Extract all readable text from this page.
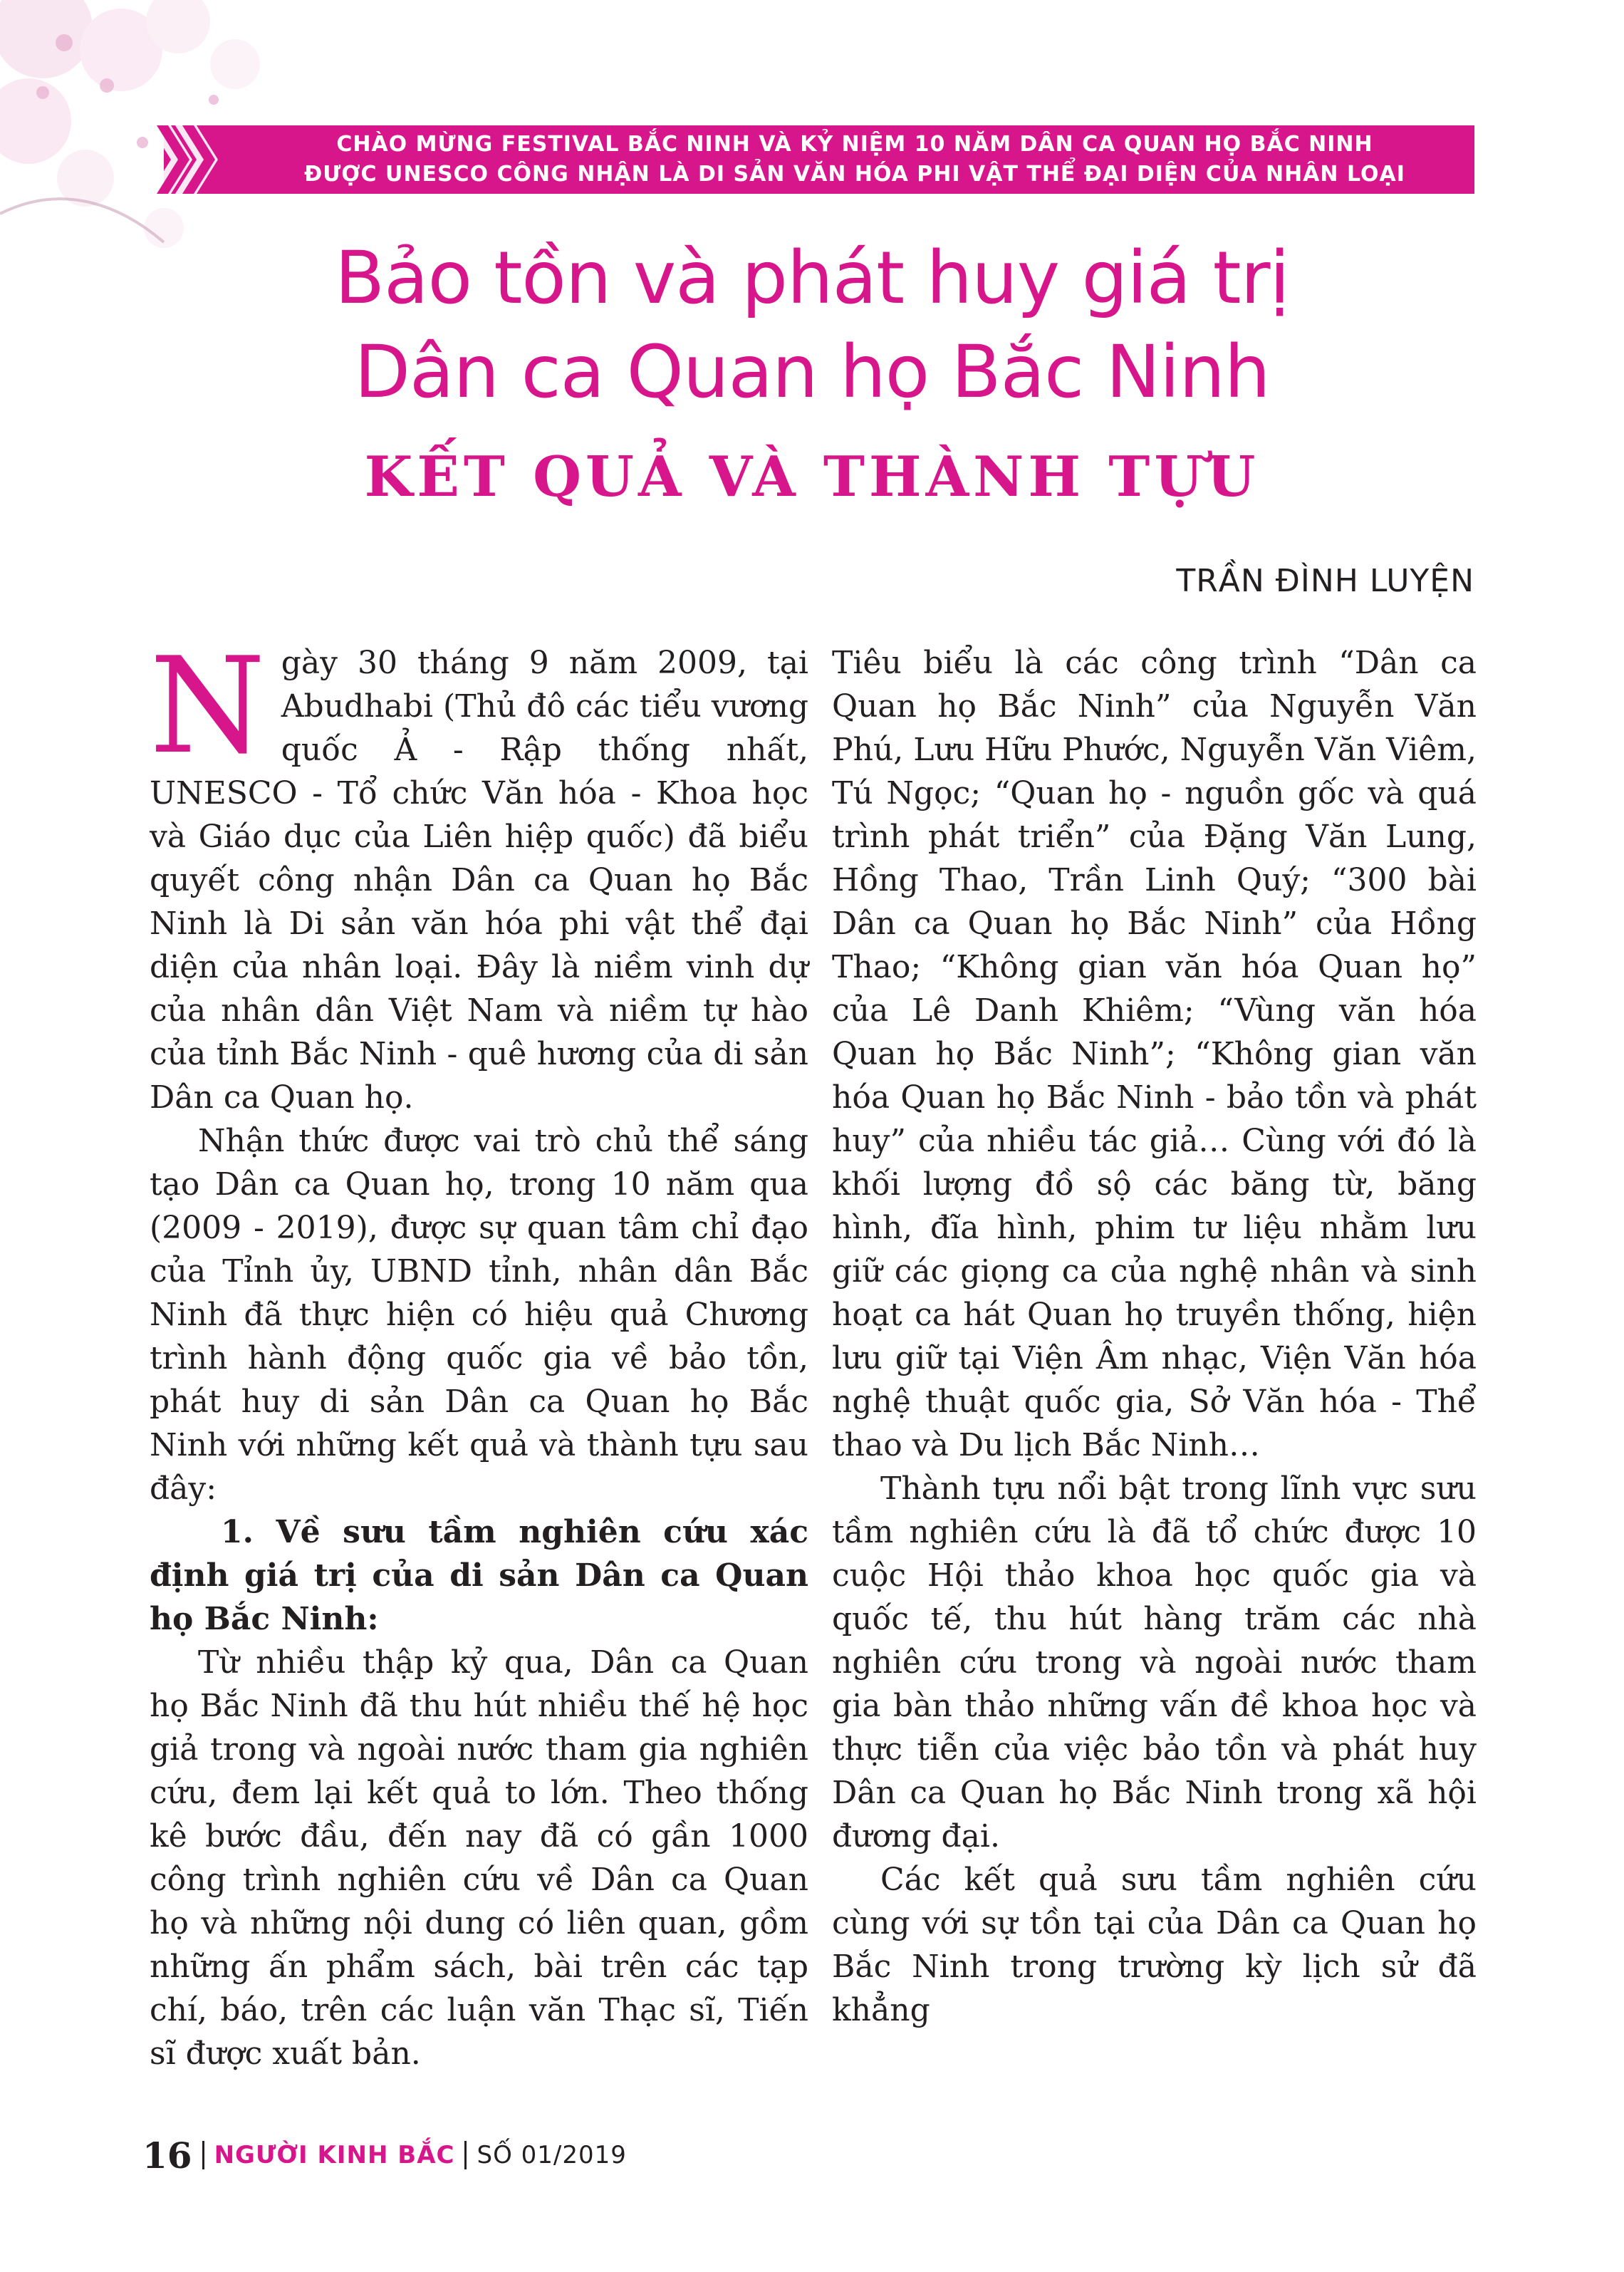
CHÀO MỪNG FESTIVAL BẮC NINH VÀ KỶ NIỆM 10 NĂM DÂN CA QUAN HỌ BẮC NINH
ĐƯỢC UNESCO CÔNG NHẬN LÀ DI SẢN VĂN HÓA PHI VẬT THỂ ĐẠI DIỆN CỦA NHÂN LOẠI
Bảo tồn và phát huy giá trị
Dân ca Quan họ Bắc Ninh
KẾT QUẢ VÀ THÀNH TỰU
TRẦN ĐÌNH LUYỆN

Ngày 30 tháng 9 năm 2009, tại Abudhabi (Thủ đô các tiểu vương quốc Ả - Rập thống nhất, UNESCO - Tổ chức Văn hóa - Khoa học và Giáo dục của Liên hiệp quốc) đã biểu quyết công nhận Dân ca Quan họ Bắc Ninh là Di sản văn hóa phi vật thể đại diện của nhân loại. Đây là niềm vinh dự của nhân dân Việt Nam và niềm tự hào của tỉnh Bắc Ninh - quê hương của di sản Dân ca Quan họ.

Nhận thức được vai trò chủ thể sáng tạo Dân ca Quan họ, trong 10 năm qua (2009 - 2019), được sự quan tâm chỉ đạo của Tỉnh ủy, UBND tỉnh, nhân dân Bắc Ninh đã thực hiện có hiệu quả Chương trình hành động quốc gia về bảo tồn, phát huy di sản Dân ca Quan họ Bắc Ninh với những kết quả và thành tựu sau đây:

1. Về sưu tầm nghiên cứu xác định giá trị của di sản Dân ca Quan họ Bắc Ninh:

Từ nhiều thập kỷ qua, Dân ca Quan họ Bắc Ninh đã thu hút nhiều thế hệ học giả trong và ngoài nước tham gia nghiên cứu, đem lại kết quả to lớn. Theo thống kê bước đầu, đến nay đã có gần 1000 công trình nghiên cứu về Dân ca Quan họ và những nội dung có liên quan, gồm những ấn phẩm sách, bài trên các tạp chí, báo, trên các luận văn Thạc sĩ, Tiến sĩ được xuất bản.

Tiêu biểu là các công trình “Dân ca Quan họ Bắc Ninh” của Nguyễn Văn Phú, Lưu Hữu Phước, Nguyễn Văn Viêm, Tú Ngọc; “Quan họ - nguồn gốc và quá trình phát triển” của Đặng Văn Lung, Hồng Thao, Trần Linh Quý; “300 bài Dân ca Quan họ Bắc Ninh” của Hồng Thao; “Không gian văn hóa Quan họ” của Lê Danh Khiêm; “Vùng văn hóa Quan họ Bắc Ninh”; “Không gian văn hóa Quan họ Bắc Ninh - bảo tồn và phát huy” của nhiều tác giả… Cùng với đó là khối lượng đồ sộ các băng từ, băng hình, đĩa hình, phim tư liệu nhằm lưu giữ các giọng ca của nghệ nhân và sinh hoạt ca hát Quan họ truyền thống, hiện lưu giữ tại Viện Âm nhạc, Viện Văn hóa nghệ thuật quốc gia, Sở Văn hóa - Thể thao và Du lịch Bắc Ninh…

Thành tựu nổi bật trong lĩnh vực sưu tầm nghiên cứu là đã tổ chức được 10 cuộc Hội thảo khoa học quốc gia và quốc tế, thu hút hàng trăm các nhà nghiên cứu trong và ngoài nước tham gia bàn thảo những vấn đề khoa học và thực tiễn của việc bảo tồn và phát huy Dân ca Quan họ Bắc Ninh trong xã hội đương đại.

Các kết quả sưu tầm nghiên cứu cùng với sự tồn tại của Dân ca Quan họ Bắc Ninh trong trường kỳ lịch sử đã khẳng

16 NGƯỜI KINH BẮC SỐ 01/2019
